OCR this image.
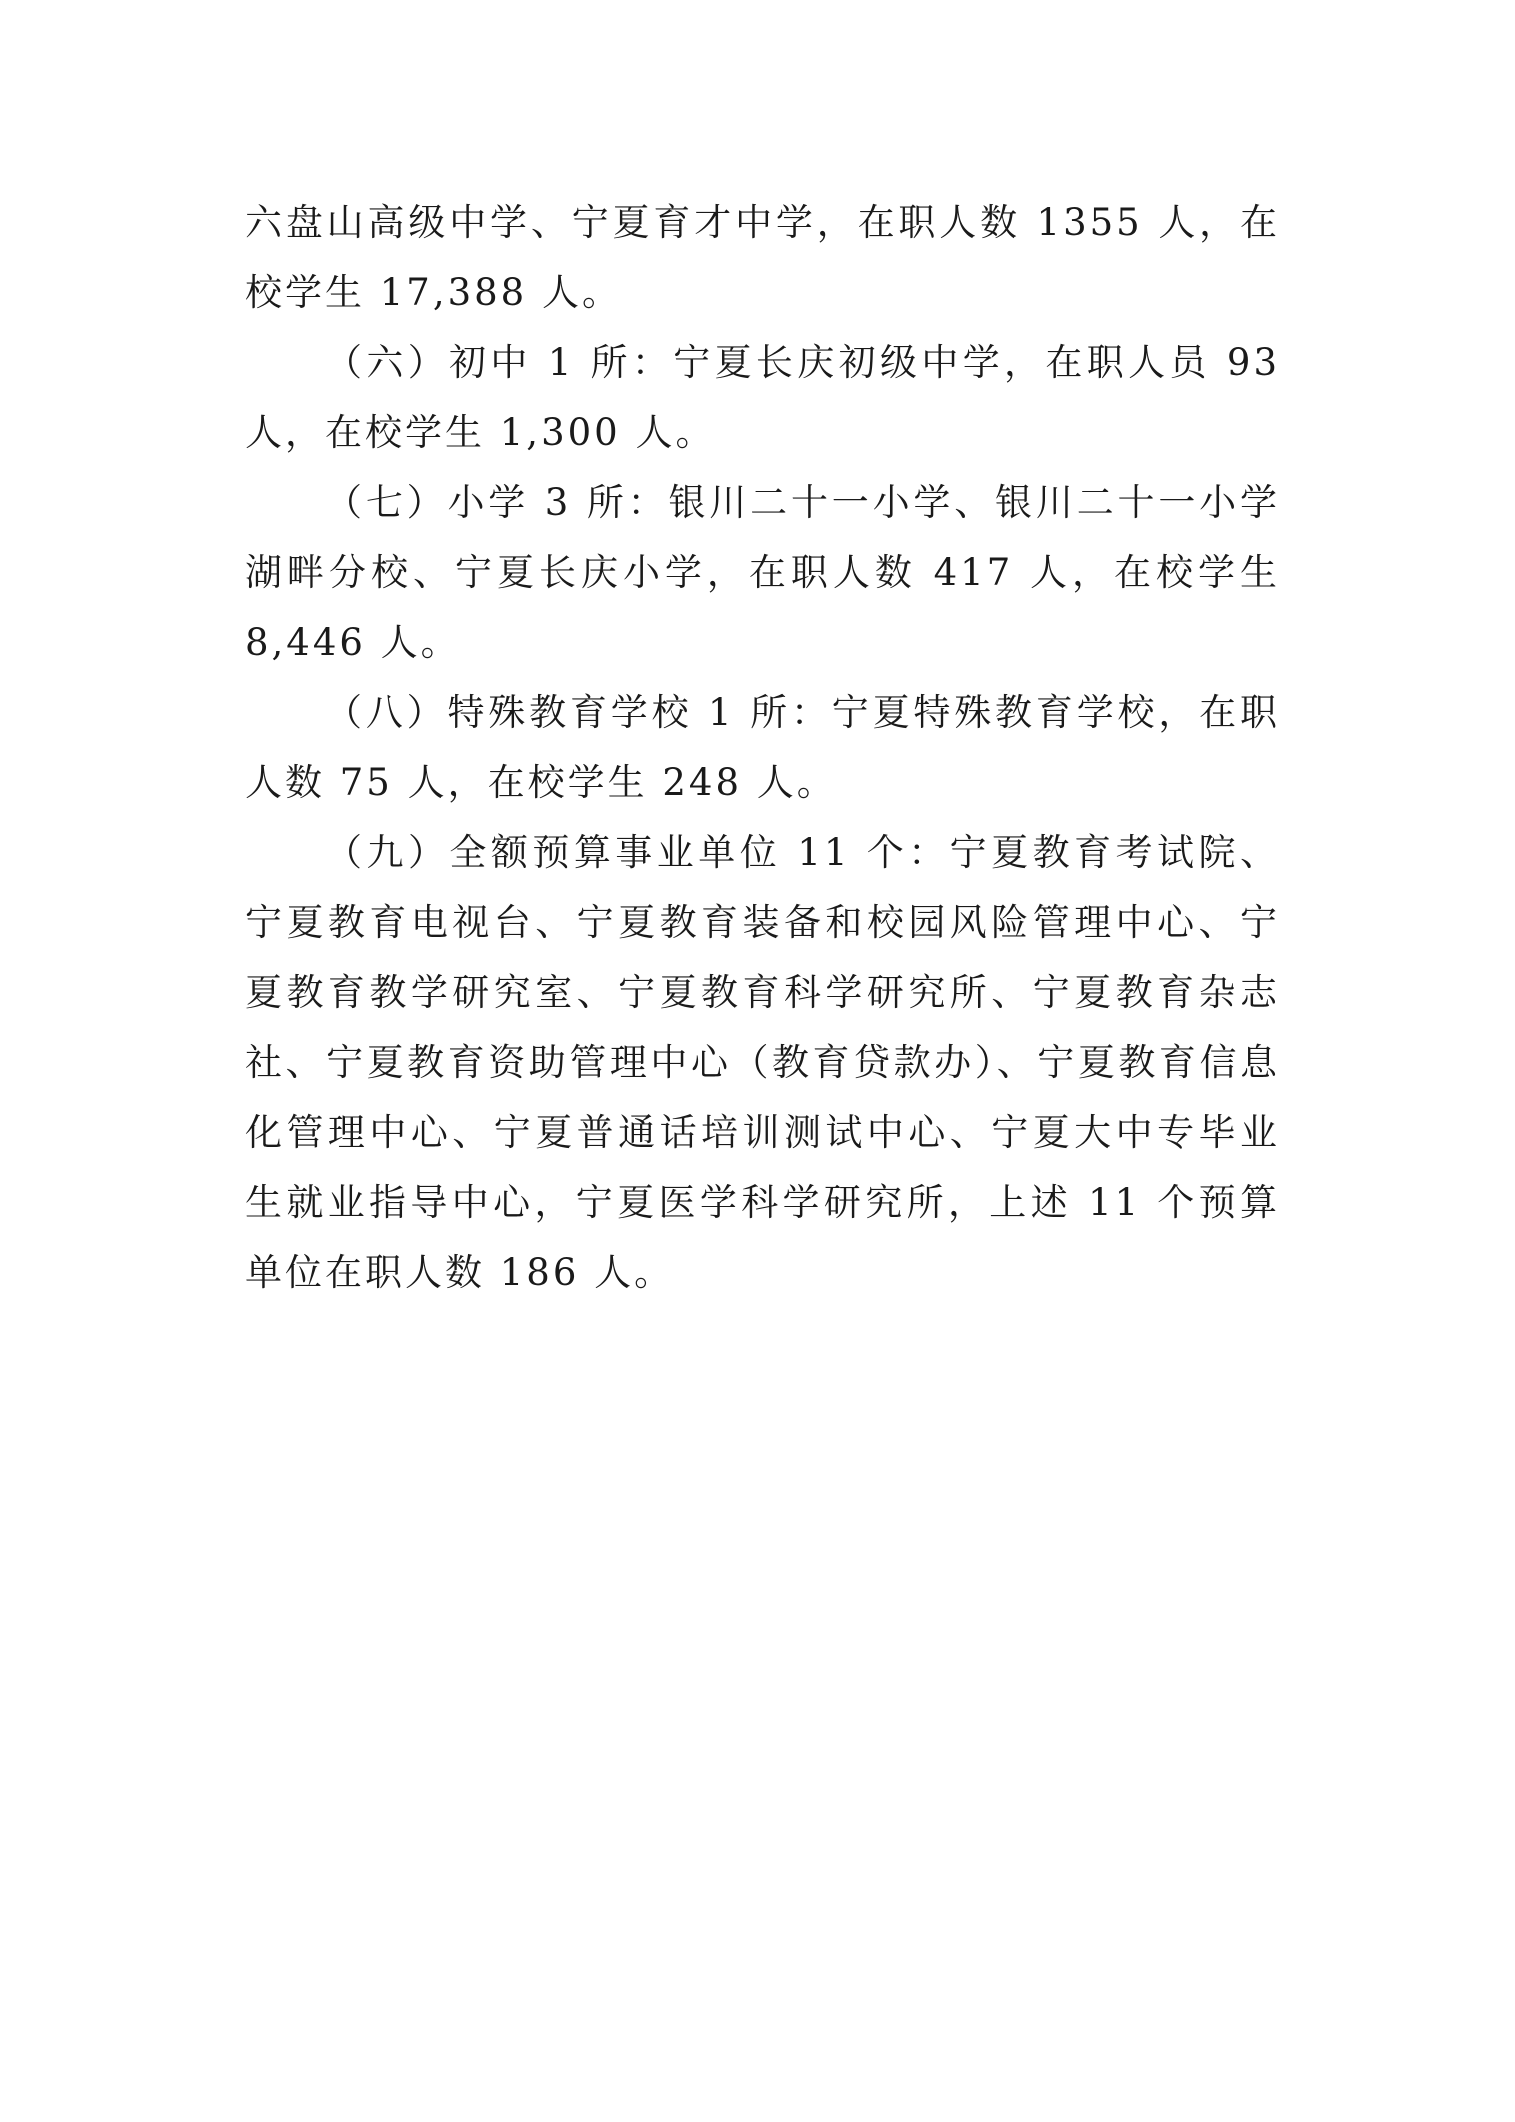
六盘山高级中学、宁夏育才中学，在职人数 1355 人，在校学生 17,388 人。

（六）初中 1 所：宁夏长庆初级中学，在职人员 93 人，在校学生 1,300 人。

（七）小学 3 所：银川二十一小学、银川二十一小学湖畔分校、宁夏长庆小学，在职人数 417 人，在校学生 8,446 人。

（八）特殊教育学校 1 所：宁夏特殊教育学校，在职人数 75 人，在校学生 248 人。

（九）全额预算事业单位 11 个：宁夏教育考试院、宁夏教育电视台、宁夏教育装备和校园风险管理中心、宁夏教育教学研究室、宁夏教育科学研究所、宁夏教育杂志社、宁夏教育资助管理中心（教育贷款办）、宁夏教育信息化管理中心、宁夏普通话培训测试中心、宁夏大中专毕业生就业指导中心，宁夏医学科学研究所，上述 11 个预算单位在职人数 186 人。
